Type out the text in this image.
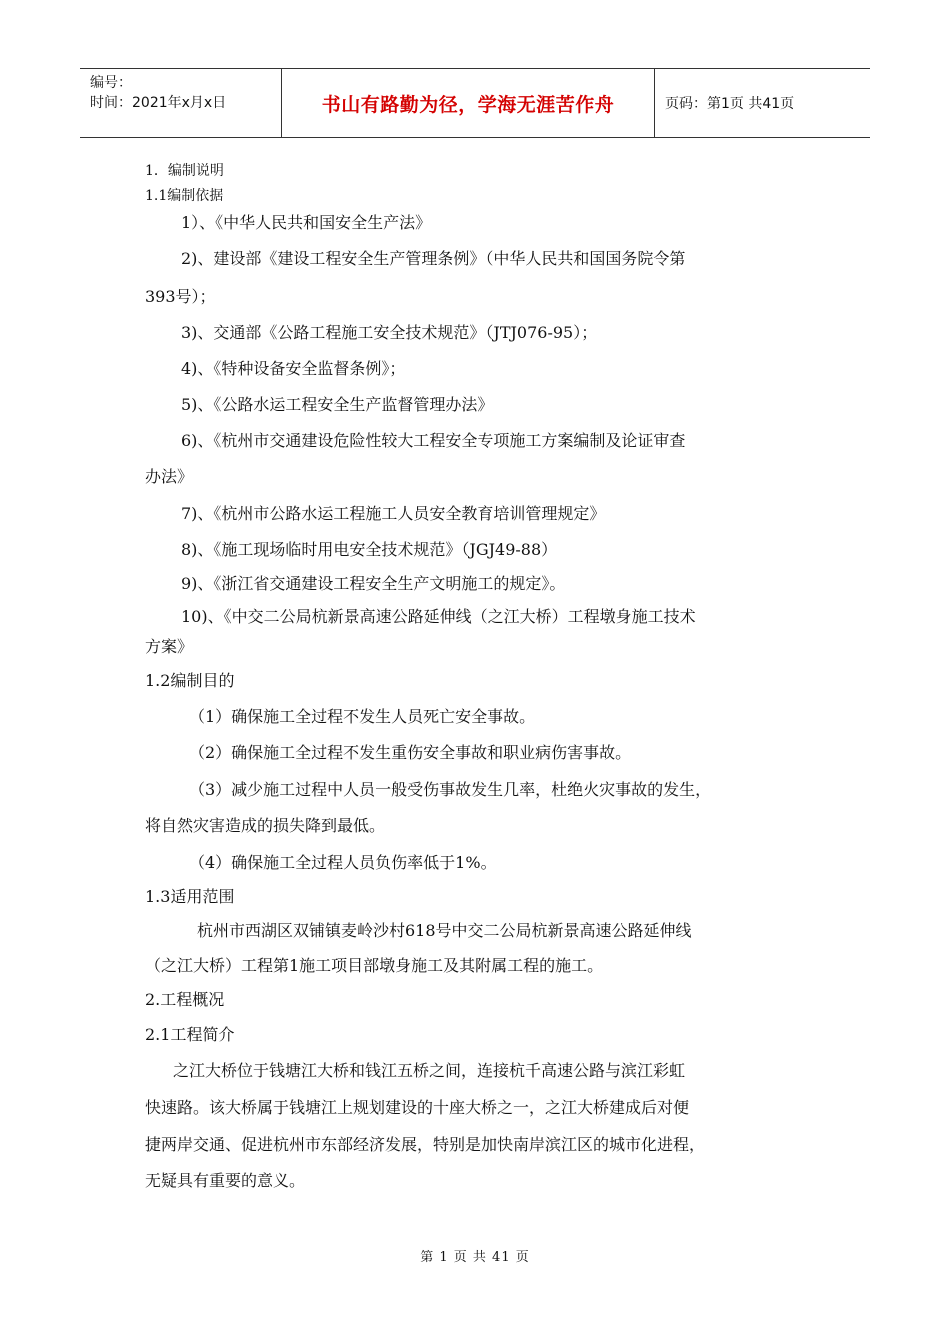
编号：
时间：2021年x月x日	书山有路勤为径，学海无涯苦作舟	页码：第1页 共41页
1．编制说明
1.1编制依据
1）、《中华人民共和国安全生产法》
2)、建设部《建设工程安全生产管理条例》（中华人民共和国国务院令第
393号）；
3)、交通部《公路工程施工安全技术规范》（JTJ076-95）；
4)、《特种设备安全监督条例》；
5)、《公路水运工程安全生产监督管理办法》
6)、《杭州市交通建设危险性较大工程安全专项施工方案编制及论证审查
办法》
7)、《杭州市公路水运工程施工人员安全教育培训管理规定》
8)、《施工现场临时用电安全技术规范》（JGJ49-88）
9)、《浙江省交通建设工程安全生产文明施工的规定》。
10)、《中交二公局杭新景高速公路延伸线（之江大桥）工程墩身施工技术
方案》
1.2编制目的
（1）确保施工全过程不发生人员死亡安全事故。
（2）确保施工全过程不发生重伤安全事故和职业病伤害事故。
（3）减少施工过程中人员一般受伤事故发生几率，杜绝火灾事故的发生，
将自然灾害造成的损失降到最低。
（4）确保施工全过程人员负伤率低于1%。
1.3适用范围
杭州市西湖区双铺镇麦岭沙村618号中交二公局杭新景高速公路延伸线
（之江大桥）工程第1施工项目部墩身施工及其附属工程的施工。
2.工程概况
2.1工程简介
之江大桥位于钱塘江大桥和钱江五桥之间，连接杭千高速公路与滨江彩虹
快速路。该大桥属于钱塘江上规划建设的十座大桥之一，之江大桥建成后对便
捷两岸交通、促进杭州市东部经济发展，特别是加快南岸滨江区的城市化进程，
无疑具有重要的意义。
第 1 页 共 41 页
